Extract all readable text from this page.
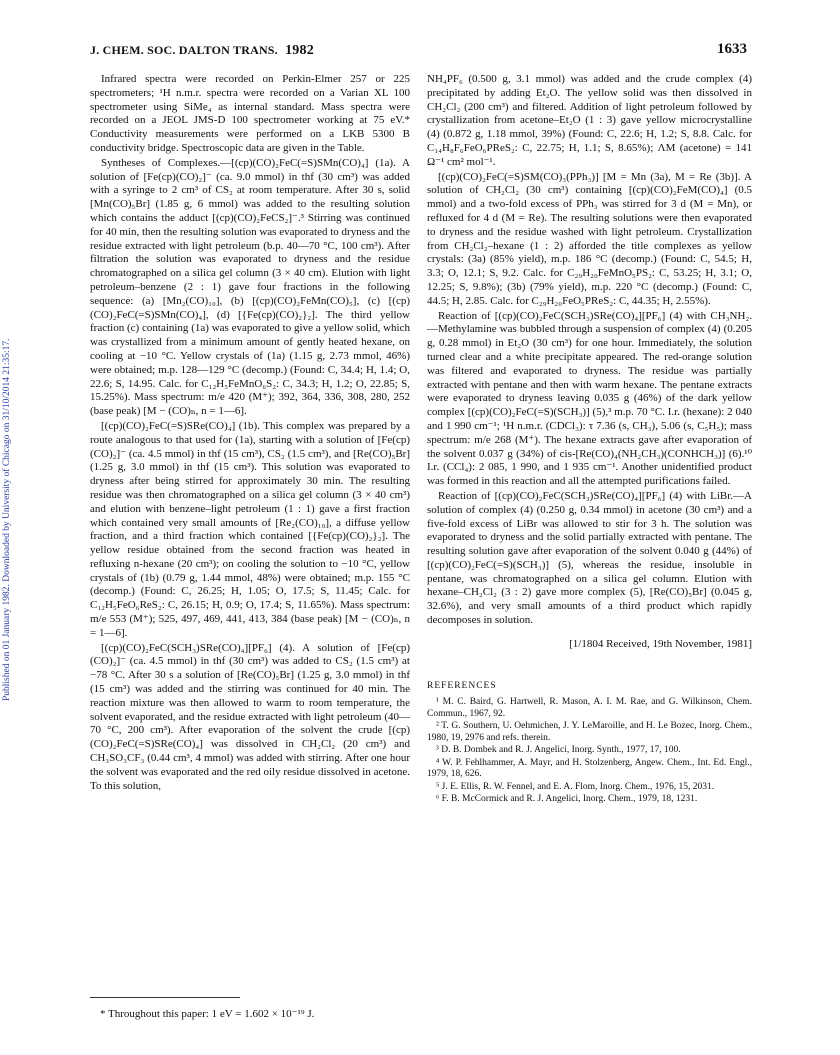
Published on 01 January 1982. Downloaded by University of Chicago on 31/10/2014 21:35:17.
J. CHEM. SOC. DALTON TRANS. 1982	1633

Infrared spectra were recorded on Perkin-Elmer 257 or 225 spectrometers; ¹H n.m.r. spectra were recorded on a Varian XL 100 spectrometer using SiMe₄ as internal standard. Mass spectra were recorded on a JEOL JMS-D 100 spectrometer working at 75 eV.* Conductivity measurements were performed on a LKB 5300 B conductivity bridge. Spectroscopic data are given in the Table.

Syntheses of Complexes.—[(cp)(CO)₂FeC(=S)SMn(CO)₄] (1a). A solution of [Fe(cp)(CO)₂]⁻ (ca. 9.0 mmol) in thf (30 cm³) was added with a syringe to 2 cm³ of CS₂ at room temperature. After 30 s, solid [Mn(CO)₅Br] (1.85 g, 6 mmol) was added to the resulting solution which contains the adduct [(cp)(CO)₂FeCS₂]⁻.³ Stirring was continued for 40 min, then the resulting solution was evaporated to dryness and the residue extracted with light petroleum (b.p. 40—70 °C, 100 cm³). After filtration the solution was evaporated to dryness and the residue chromatographed on a silica gel column (3 × 40 cm). Elution with light petroleum–benzene (2 : 1) gave four fractions in the following sequence: (a) [Mn₂(CO)₁₀], (b) [(cp)(CO)₂FeMn(CO)₅], (c) [(cp)(CO)₂FeC(=S)SMn(CO)₄], (d) [{Fe(cp)(CO)₂}₂]. The third yellow fraction (c) containing (1a) was evaporated to give a yellow solid, which was crystallized from a minimum amount of gently heated hexane, on cooling at −10 °C. Yellow crystals of (1a) (1.15 g, 2.73 mmol, 46%) were obtained; m.p. 128—129 °C (decomp.) (Found: C, 34.4; H, 1.4; O, 22.6; S, 14.95. Calc. for C₁₂H₅FeMnO₆S₂: C, 34.3; H, 1.2; O, 22.85; S, 15.25%). Mass spectrum: m/e 420 (M⁺); 392, 364, 336, 308, 280, 252 (base peak) [M − (CO)ₙ, n = 1—6].

[(cp)(CO)₂FeC(=S)SRe(CO)₄] (1b). This complex was prepared by a route analogous to that used for (1a), starting with a solution of [Fe(cp)(CO)₂]⁻ (ca. 4.5 mmol) in thf (15 cm³), CS₂ (1.5 cm³), and [Re(CO)₅Br] (1.25 g, 3.0 mmol) in thf (15 cm³). This solution was evaporated to dryness after being stirred for approximately 30 min. The resulting residue was then chromatographed on a silica gel column (3 × 40 cm³) and elution with benzene–light petroleum (1 : 1) gave a first fraction which contained very small amounts of [Re₂(CO)₁₀], a diffuse yellow fraction, and a third fraction which contained [{Fe(cp)(CO)₂}₂]. The yellow residue obtained from the second fraction was heated in refluxing n-hexane (20 cm³); on cooling the solution to −10 °C, yellow crystals of (1b) (0.79 g, 1.44 mmol, 48%) were obtained; m.p. 155 °C (decomp.) (Found: C, 26.25; H, 1.05; O, 17.5; S, 11.45; Calc. for C₁₂H₅FeO₆ReS₂: C, 26.15; H, 0.9; O, 17.4; S, 11.65%). Mass spectrum: m/e 553 (M⁺); 525, 497, 469, 441, 413, 384 (base peak) [M − (CO)ₙ, n = 1—6].

[(cp)(CO)₂FeC(SCH₃)SRe(CO)₄][PF₆] (4). A solution of [Fe(cp)(CO)₂]⁻ (ca. 4.5 mmol) in thf (30 cm³) was added to CS₂ (1.5 cm³) at −78 °C. After 30 s a solution of [Re(CO)₅Br] (1.25 g, 3.0 mmol) in thf (15 cm³) was added and the stirring was continued for 40 min. The reaction mixture was then allowed to warm to room temperature, the solvent evaporated, and the residue extracted with light petroleum (40—70 °C, 200 cm³). After evaporation of the solvent the crude [(cp)(CO)₂FeC(=S)SRe(CO)₄] was dissolved in CH₂Cl₂ (20 cm³) and CH₃SO₃CF₃ (0.44 cm³, 4 mmol) was added with stirring. After one hour the solvent was evaporated and the red oily residue dissolved in acetone. To this solution,

NH₄PF₆ (0.500 g, 3.1 mmol) was added and the crude complex (4) precipitated by adding Et₂O. The yellow solid was then dissolved in CH₂Cl₂ (200 cm³) and filtered. Addition of light petroleum followed by crystallization from acetone–Et₂O (1 : 3) gave yellow microcrystalline (4) (0.872 g, 1.18 mmol, 39%) (Found: C, 22.6; H, 1.2; S, 8.8. Calc. for C₁₄H₈F₆FeO₆PReS₂: C, 22.75; H, 1.1; S, 8.65%); ΛM (acetone) = 141 Ω⁻¹ cm² mol⁻¹.

[(cp)(CO)₂FeC(=S)SM(CO)₃(PPh₃)] [M = Mn (3a), M = Re (3b)]. A solution of CH₂Cl₂ (30 cm³) containing [(cp)(CO)₂FeM(CO)₄] (0.5 mmol) and a two-fold excess of PPh₃ was stirred for 3 d (M = Mn), or refluxed for 4 d (M = Re). The resulting solutions were then evaporated to dryness and the residue washed with light petroleum. Crystallization from CH₂Cl₂–hexane (1 : 2) afforded the title complexes as yellow crystals: (3a) (85% yield), m.p. 186 °C (decomp.) (Found: C, 54.5; H, 3.3; O, 12.1; S, 9.2. Calc. for C₂₉H₂₀FeMnO₅PS₂: C, 53.25; H, 3.1; O, 12.25; S, 9.8%); (3b) (79% yield), m.p. 220 °C (decomp.) (Found: C, 44.5; H, 2.85. Calc. for C₂₉H₂₀FeO₅PReS₂: C, 44.35; H, 2.55%).

Reaction of [(cp)(CO)₂FeC(SCH₃)SRe(CO)₄][PF₆] (4) with CH₃NH₂.—Methylamine was bubbled through a suspension of complex (4) (0.205 g, 0.28 mmol) in Et₂O (30 cm³) for one hour. Immediately, the solution turned clear and a white precipitate appeared. The red-orange solution was filtered and evaporated to dryness. The residue was partially extracted with pentane and then with warm hexane. The pentane extracts were evaporated to dryness leaving 0.035 g (46%) of the dark yellow complex [(cp)(CO)₂FeC(=S)(SCH₃)] (5),³ m.p. 70 °C. I.r. (hexane): 2 040 and 1 990 cm⁻¹; ¹H n.m.r. (CDCl₃): τ 7.36 (s, CH₃), 5.06 (s, C₅H₅); mass spectrum: m/e 268 (M⁺). The hexane extracts gave after evaporation of the solvent 0.037 g (34%) of cis-[Re(CO)₄(NH₂CH₃)(CONHCH₃)] (6).¹⁰ I.r. (CCl₄): 2 085, 1 990, and 1 935 cm⁻¹. Another unidentified product was formed in this reaction and all the attempted purifications failed.

Reaction of [(cp)(CO)₂FeC(SCH₃)SRe(CO)₄][PF₆] (4) with LiBr.—A solution of complex (4) (0.250 g, 0.34 mmol) in acetone (30 cm³) and a five-fold excess of LiBr was allowed to stir for 3 h. The solution was evaporated to dryness and the solid partially extracted with pentane. The resulting solution gave after evaporation of the solvent 0.040 g (44%) of [(cp)(CO)₂FeC(=S)(SCH₃)] (5), whereas the residue, insoluble in pentane, was chromatographed on a silica gel column. Elution with hexane–CH₂Cl₂ (3 : 2) gave more complex (5), [Re(CO)₅Br] (0.045 g, 32.6%), and very small amounts of a third product which rapidly decomposes in solution.

[1/1804 Received, 19th November, 1981]
REFERENCES
¹ M. C. Baird, G. Hartwell, R. Mason, A. I. M. Rae, and G. Wilkinson, Chem. Commun., 1967, 92.
² T. G. Southern, U. Oehmichen, J. Y. LeMaroille, and H. Le Bozec, Inorg. Chem., 1980, 19, 2976 and refs. therein.
³ D. B. Dombek and R. J. Angelici, Inorg. Synth., 1977, 17, 100.
⁴ W. P. Fehlhammer, A. Mayr, and H. Stolzenberg, Angew. Chem., Int. Ed. Engl., 1979, 18, 626.
⁵ J. E. Ellis, R. W. Fennel, and E. A. Flom, Inorg. Chem., 1976, 15, 2031.
⁶ F. B. McCormick and R. J. Angelici, Inorg. Chem., 1979, 18, 1231.
* Throughout this paper: 1 eV = 1.602 × 10⁻¹⁹ J.
